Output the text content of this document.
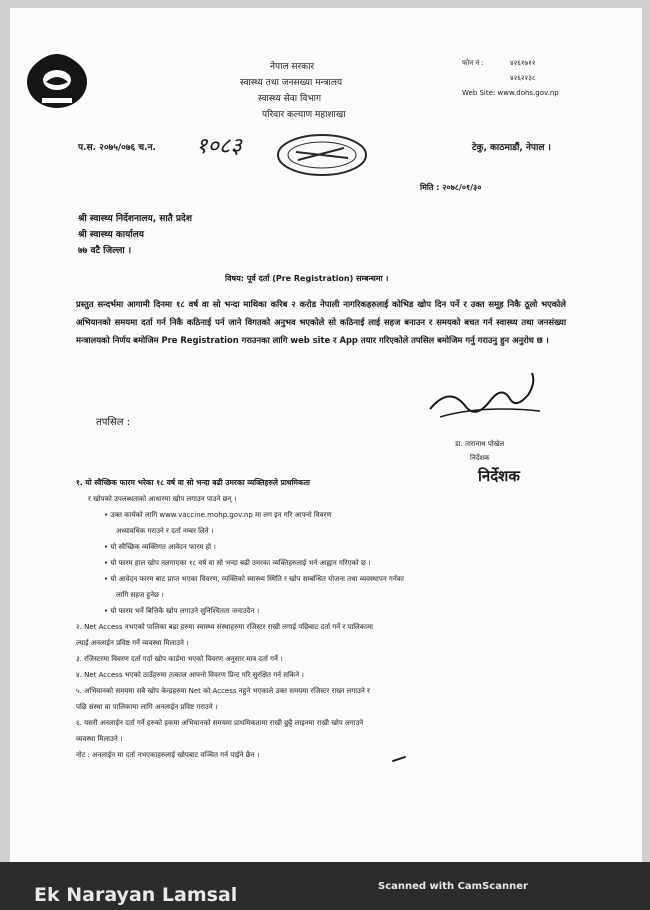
नेपाल सरकार
स्वास्थ्य तथा जनसख्या मन्त्रालय
स्वास्थ्य सेवा विभाग
परिवार कल्याण महाशाखा
फोन नं :	४२६१७१२
४२६२२३८
Web Site: www.dohs.gov.np
प.स. २०७५/०७६ च.न. १०८३	टेकु, काठमाडौं, नेपाल ।
मिति : २०७८/०१/३०
श्री स्वास्थ्य निर्देशनालय, सातै प्रदेश
श्री स्वास्थ्य कार्यालय
७७ वटै जिल्ला ।
विषय: पूर्व दर्ता (Pre Registration) सम्बन्धमा ।
प्रस्तुत सन्दर्भमा आगामी दिनमा १८ वर्ष वा सो भन्दा माथिका करिब २ करोड नेपाली नागरिकहरुलाई कोभिड खोप दिन पर्ने र उक्त समूह निकै ठूलो भएकोले अभियानको समयमा दर्ता गर्न निकै कठिनाई पर्न जाने विगतको अनुभव भएकोले सो कठिनाई लाई सहज बनाउन र समयको बचत गर्न स्वास्थ्य तथा जनसंख्या मन्त्रालयको निर्णय बमोजिम Pre Registration गराउनका लागि web site र App तयार गरिएकोले तपसिल बमोजिम गर्नु गराउनु हुन अनुरोध छ ।
तपसिल :
डा. तारानाथ पोखेल
निर्देशक
निर्देशक
१. यो स्वैच्छिक फारम भरेका १८ वर्ष वा सो भन्दा बढी उमरका व्यक्तिहरुले प्राथमिकता
र खोपको उपलब्धताको आधारमा खोप लगाउन पाउने छन् ।
• उक्त कार्यको लागि www.vaccine.mohp.gov.np मा लग इन गरि आफ्नो विवरण
अध्यावधिक गराउने र दर्ता नम्बर लिने ।
• यो स्वैच्छिक व्यक्तिगत आवेदन फारम हो ।
• यो फारम हाल खोप नलगाएका १८ वर्ष वा सो भन्दा बढी उमरका व्यक्तिहरुलाई भर्न आह्वान गरिएको छ ।
• यो आवेदन फारम बाट प्राप्त भएका विवरण, व्यक्तिको स्वास्थ्य स्थिति र खोप सम्बन्धित योजना तथा व्यवस्थापन गर्नका
लागि सहज हुनेछ ।
• यो फारम भर्ने बित्तिकै खोप लगाउने सुनिश्चितता जनाउदैन ।
२. Net Access नभएको पालिका बढा हरुमा स्वास्थ्य संस्थाहरुमा रजिस्टर राखी लगाई पछिबाट दर्ता गर्ने र पालिकामा
ल्याई अनलाईन प्रविष्ट गर्ने व्यवस्था मिलाउने ।
३. रजिस्टरमा विवरण दर्ता गर्दा खोप कार्डमा भएको विवरण अनुसार मात्र दर्ता गर्ने ।
४. Net Access भएको ठाउँहरुमा तत्काल आफ्नो विवरण प्रिन्ट गरि सुरक्षित गर्न सकिने ।
५. अभियानको समयमा सबै खोप केन्द्रहरुमा Net को Access नहुने भएकाले उक्त समयमा रजिस्टर राख्न लगाउने र
पछि संस्था वा पालिकामा लागि अनलाईन प्रविष्ट गराउने ।
६. यसरी अनलाईन दर्ता गर्ने हरुको हकमा अभियानको समयमा प्राथमिकतामा राखी छुट्टै लाइनमा राखी खोप लगाउने
व्यवस्था मिलाउने ।
नोट : अनलाईन मा दर्ता नभएकाहरुलाई खोपबाट वञ्चित गर्न पाईने छैन ।
Ek Narayan Lamsal	Scanned with CamScanner
